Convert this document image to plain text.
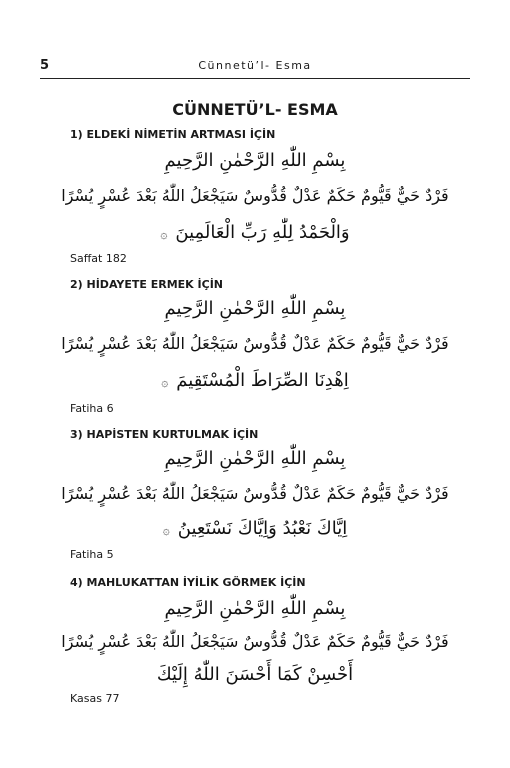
5	Cünnetü’l- Esma
CÜNNETÜ’L- ESMA
1) ELDEKİ NİMETİN ARTMASI İÇİN
بِسْمِ اللّٰهِ الرَّحْمٰنِ الرَّحِيمِ
فَرْدٌ حَيٌّ قَيُّومٌ حَكَمٌ عَدْلٌ قُدُّوسٌ سَيَجْعَلُ اللّٰهُ بَعْدَ عُسْرٍ يُسْرًا
وَالْحَمْدُ لِلّٰهِ رَبِّ الْعَالَمِينَ۞
Saffat 182
2) HİDAYETE ERMEK İÇİN
بِسْمِ اللّٰهِ الرَّحْمٰنِ الرَّحِيمِ
فَرْدٌ حَيٌّ قَيُّومٌ حَكَمٌ عَدْلٌ قُدُّوسٌ سَيَجْعَلُ اللّٰهُ بَعْدَ عُسْرٍ يُسْرًا
اِهْدِنَا الصِّرَاطَ الْمُسْتَقِيمَ۞
Fatiha 6
3) HAPİSTEN KURTULMAK İÇİN
بِسْمِ اللّٰهِ الرَّحْمٰنِ الرَّحِيمِ
فَرْدٌ حَيٌّ قَيُّومٌ حَكَمٌ عَدْلٌ قُدُّوسٌ سَيَجْعَلُ اللّٰهُ بَعْدَ عُسْرٍ يُسْرًا
اِيَّاكَ نَعْبُدُ وَاِيَّاكَ نَسْتَعِينُ۞
Fatiha 5
4) MAHLUKATTAN İYİLİK GÖRMEK İÇİN
بِسْمِ اللّٰهِ الرَّحْمٰنِ الرَّحِيمِ
فَرْدٌ حَيٌّ قَيُّومٌ حَكَمٌ عَدْلٌ قُدُّوسٌ سَيَجْعَلُ اللّٰهُ بَعْدَ عُسْرٍ يُسْرًا
أَحْسِنْ كَمَا أَحْسَنَ اللّٰهُ إِلَيْكَ
Kasas 77
